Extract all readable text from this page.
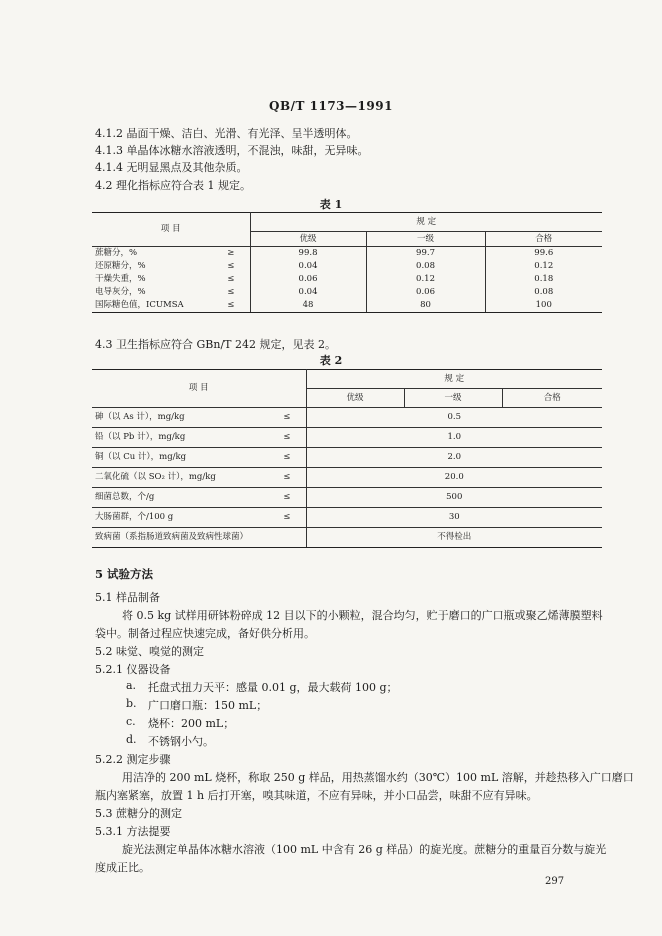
QB/T 1173—1991
4.1.2 晶面干燥、洁白、光滑、有光泽、呈半透明体。
4.1.3 单晶体冰糖水溶液透明，不混浊，味甜，无异味。
4.1.4 无明显黑点及其他杂质。
4.2 理化指标应符合表 1 规定。
表 1
项 目		规 定		
		优级	一级	合格
蔗糖分，%	≥	99.8	99.7	99.6
还原糖分，%	≤	0.04	0.08	0.12
干燥失重，%	≤	0.06	0.12	0.18
电导灰分，%	≤	0.04	0.06	0.08
国际糖色值，ICUMSA	≤	48	80	100
4.3 卫生指标应符合 GBn/T 242 规定，见表 2。
表 2
项 目		规 定		
		优级	一级	合格
砷（以 As 计），mg/kg	≤	0.5		
铅（以 Pb 计），mg/kg	≤	1.0		
铜（以 Cu 计），mg/kg	≤	2.0		
二氧化硫（以 SO₂ 计），mg/kg	≤	20.0		
细菌总数，个/g	≤	500		
大肠菌群，个/100 g	≤	30		
致病菌（系指肠道致病菌及致病性球菌）		不得检出		
5 试验方法
5.1 样品制备
将 0.5 kg 试样用研钵粉碎成 12 目以下的小颗粒，混合均匀，贮于磨口的广口瓶或聚乙烯薄膜塑料
袋中。制备过程应快速完成，备好供分析用。
5.2 味觉、嗅觉的测定
5.2.1 仪器设备
a. 托盘式扭力天平：感量 0.01 g，最大载荷 100 g；
b. 广口磨口瓶：150 mL；
c. 烧杯：200 mL；
d. 不锈钢小勺。
5.2.2 测定步骤
用洁净的 200 mL 烧杯，称取 250 g 样品，用热蒸馏水约（30℃）100 mL 溶解，并趁热移入广口磨口
瓶内塞紧塞，放置 1 h 后打开塞，嗅其味道，不应有异味，并小口品尝，味甜不应有异味。
5.3 蔗糖分的测定
5.3.1 方法提要
旋光法测定单晶体冰糖水溶液（100 mL 中含有 26 g 样品）的旋光度。蔗糖分的重量百分数与旋光
度成正比。
297
